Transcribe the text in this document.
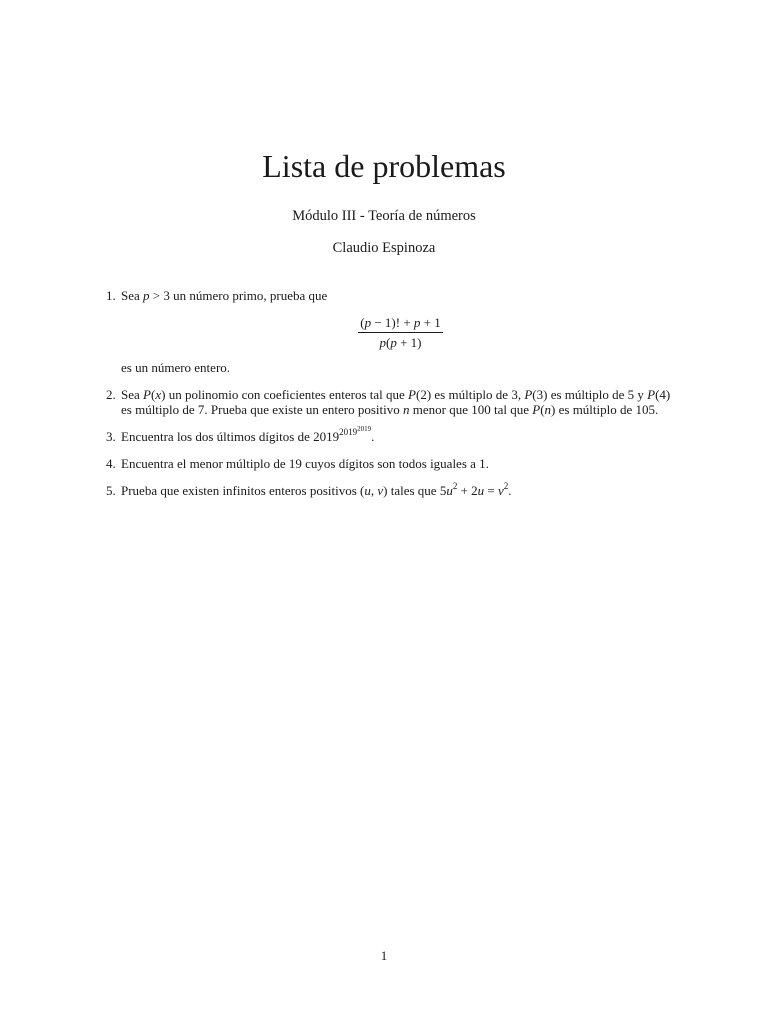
Lista de problemas
Módulo III - Teoría de números
Claudio Espinoza
1. Sea p > 3 un número primo, prueba que
$\frac{(p - 1)! + p + 1}{p(p + 1)}$
es un número entero.
2. Sea P(x) un polinomio con coeficientes enteros tal que P(2) es múltiplo de 3, P(3) es múltiplo de 5 y P(4) es múltiplo de 7. Prueba que existe un entero positivo n menor que 100 tal que P(n) es múltiplo de 105.
3. Encuentra los dos últimos dígitos de $2019^{2019^{2019}}$.
4. Encuentra el menor múltiplo de 19 cuyos dígitos son todos iguales a 1.
5. Prueba que existen infinitos enteros positivos (u, v) tales que $5u^2 + 2u = v^2$.
1
